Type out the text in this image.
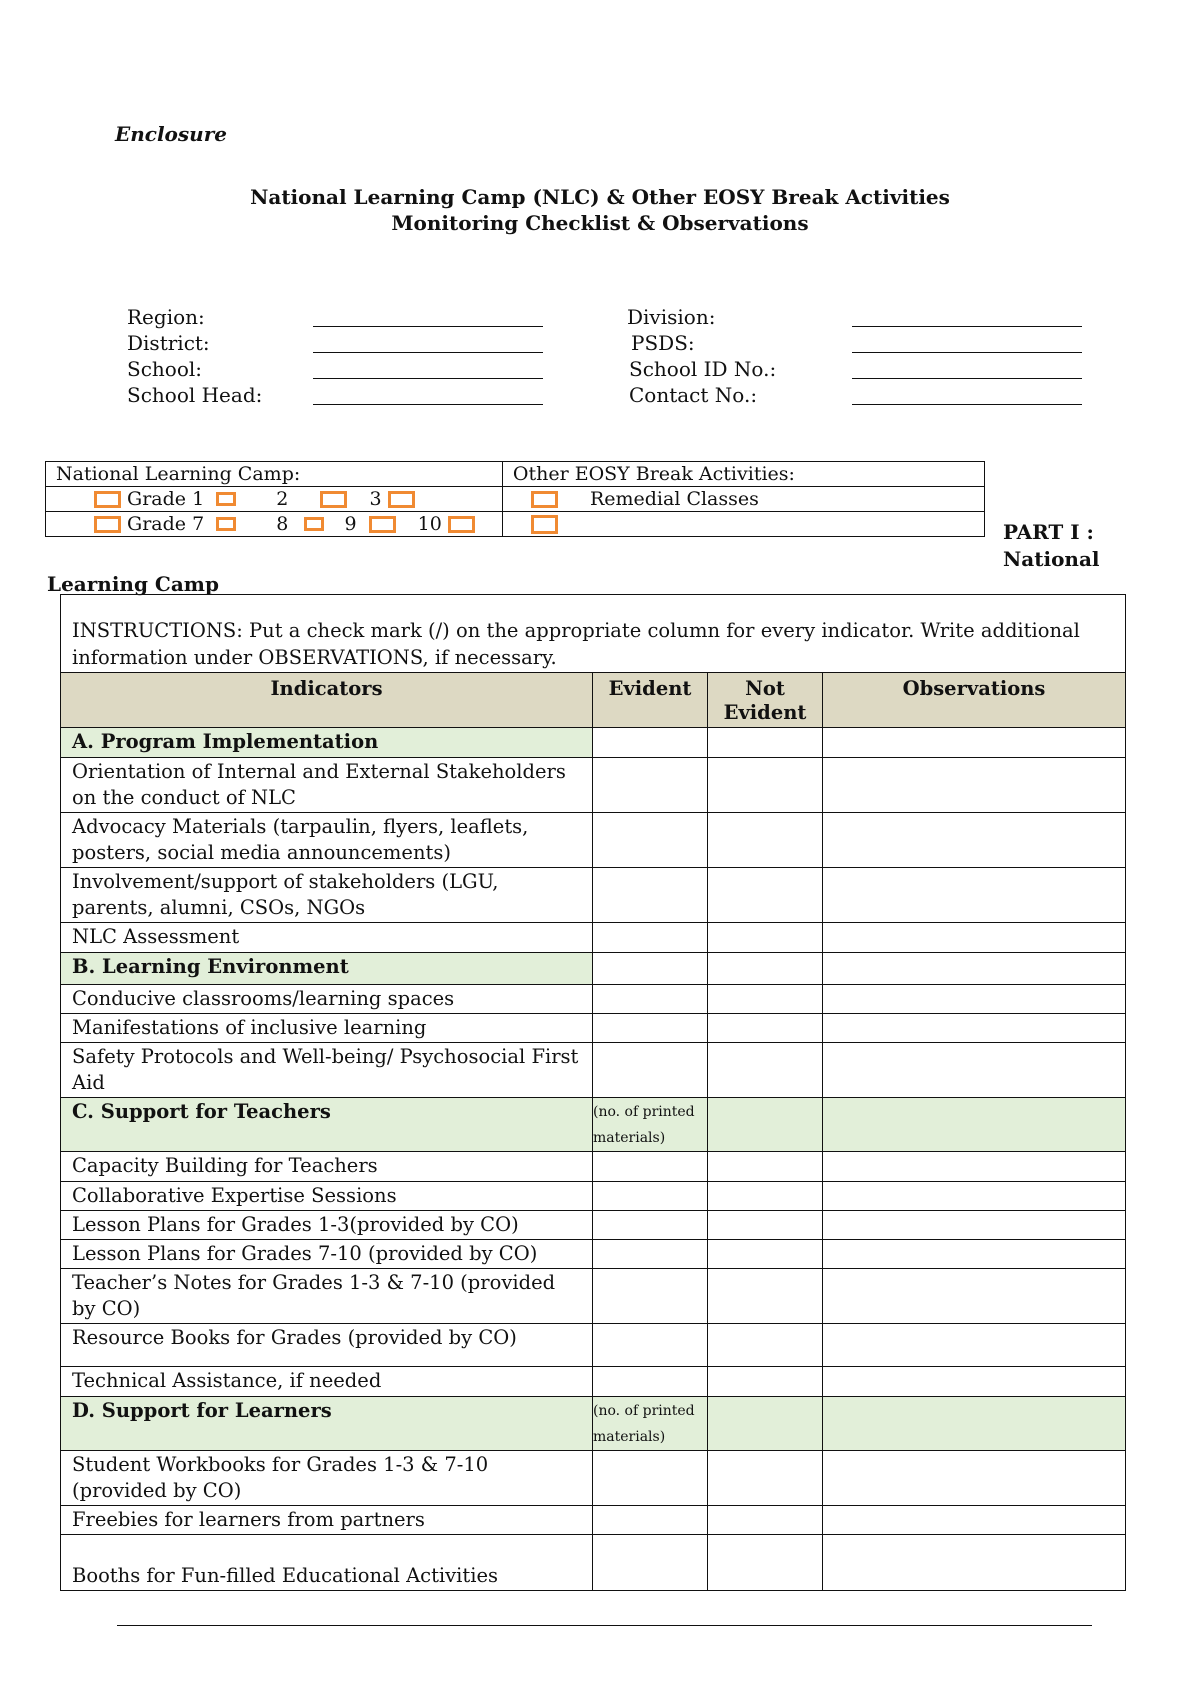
Enclosure
National Learning Camp (NLC) & Other EOSY Break Activities
Monitoring Checklist & Observations
Region:
District:
School:
School Head:
Division:
PSDS:
School ID No.:
Contact No.:
National Learning Camp:	Other EOSY Break Activities:
Grade 1 2 3	Remedial Classes
Grade 7 8 9 10		PART I :
National
Learning Camp
INSTRUCTIONS: Put a check mark (/) on the appropriate column for every indicator. Write additional information under OBSERVATIONS, if necessary.			
Indicators	Evident	Not Evident	Observations
A. Program Implementation			
Orientation of Internal and External Stakeholders on the conduct of NLC			
Advocacy Materials (tarpaulin, flyers, leaflets, posters, social media announcements)			
Involvement/support of stakeholders (LGU, parents, alumni, CSOs, NGOs			
NLC Assessment			
B. Learning Environment			
Conducive classrooms/learning spaces			
Manifestations of inclusive learning			
Safety Protocols and Well-being/ Psychosocial First Aid			
C. Support for Teachers	(no. of printed materials)		
Capacity Building for Teachers			
Collaborative Expertise Sessions			
Lesson Plans for Grades 1-3(provided by CO)			
Lesson Plans for Grades 7-10 (provided by CO)			
Teacher’s Notes for Grades 1-3 & 7-10 (provided by CO)			
Resource Books for Grades (provided by CO)			
Technical Assistance, if needed			
D. Support for Learners	(no. of printed materials)		
Student Workbooks for Grades 1-3 & 7-10 (provided by CO)			
Freebies for learners from partners			
Booths for Fun-filled Educational Activities			
